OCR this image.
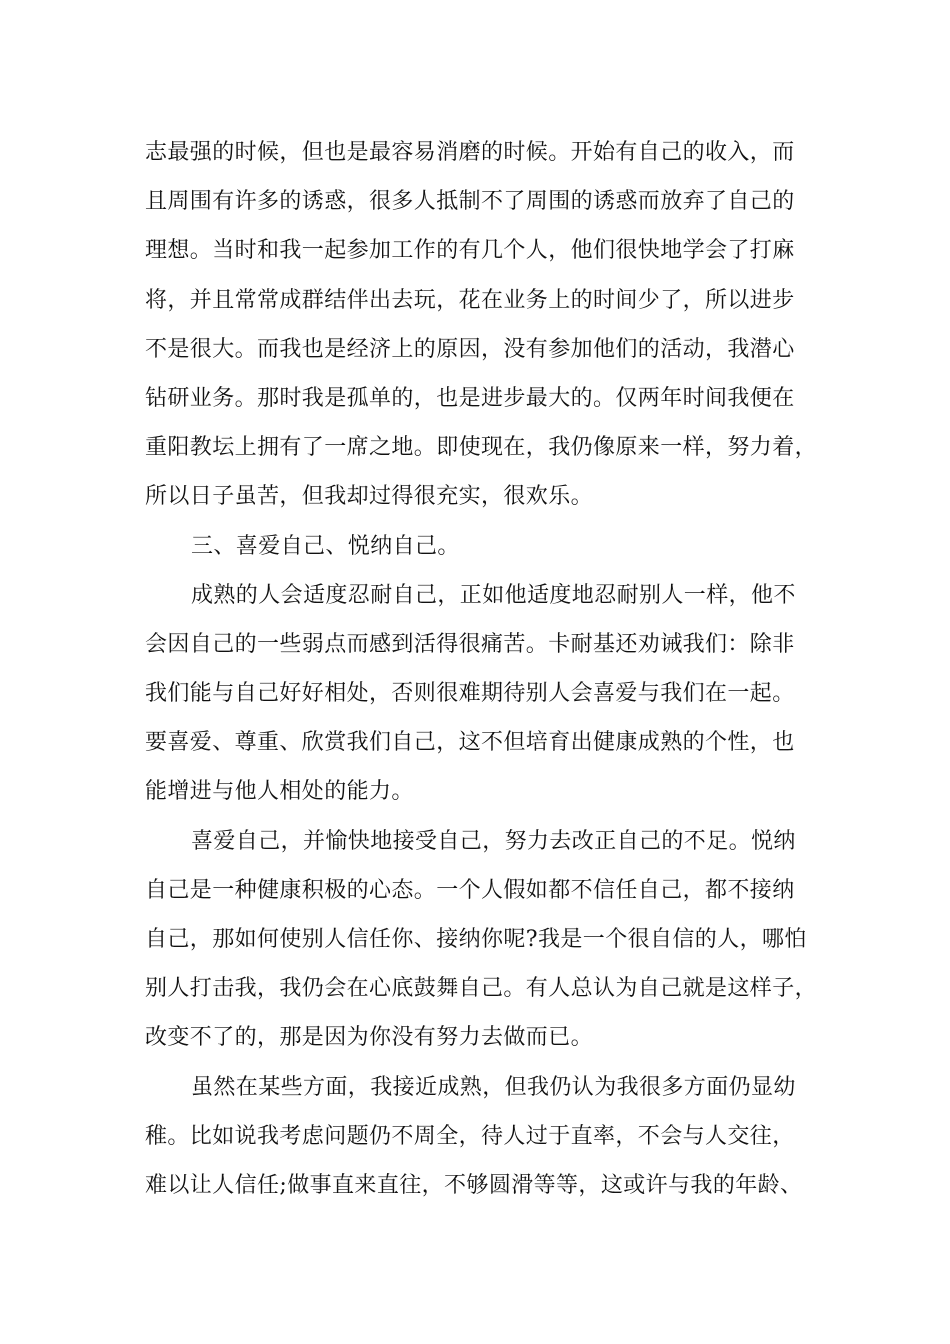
志最强的时候，但也是最容易消磨的时候。开始有自己的收入，而
且周围有许多的诱惑，很多人抵制不了周围的诱惑而放弃了自己的
理想。当时和我一起参加工作的有几个人，他们很快地学会了打麻
将，并且常常成群结伴出去玩，花在业务上的时间少了，所以进步
不是很大。而我也是经济上的原因，没有参加他们的活动，我潜心
钻研业务。那时我是孤单的，也是进步最大的。仅两年时间我便在
重阳教坛上拥有了一席之地。即使现在，我仍像原来一样，努力着，
所以日子虽苦，但我却过得很充实，很欢乐。
三、喜爱自己、悦纳自己。
成熟的人会适度忍耐自己，正如他适度地忍耐别人一样，他不
会因自己的一些弱点而感到活得很痛苦。卡耐基还劝诫我们：除非
我们能与自己好好相处，否则很难期待别人会喜爱与我们在一起。
要喜爱、尊重、欣赏我们自己，这不但培育出健康成熟的个性，也
能增进与他人相处的能力。
喜爱自己，并愉快地接受自己，努力去改正自己的不足。悦纳
自己是一种健康积极的心态。一个人假如都不信任自己，都不接纳
自己，那如何使别人信任你、接纳你呢?我是一个很自信的人，哪怕
别人打击我，我仍会在心底鼓舞自己。有人总认为自己就是这样子，
改变不了的，那是因为你没有努力去做而已。
虽然在某些方面，我接近成熟，但我仍认为我很多方面仍显幼
稚。比如说我考虑问题仍不周全，待人过于直率，不会与人交往，
难以让人信任;做事直来直往，不够圆滑等等，这或许与我的年龄、
